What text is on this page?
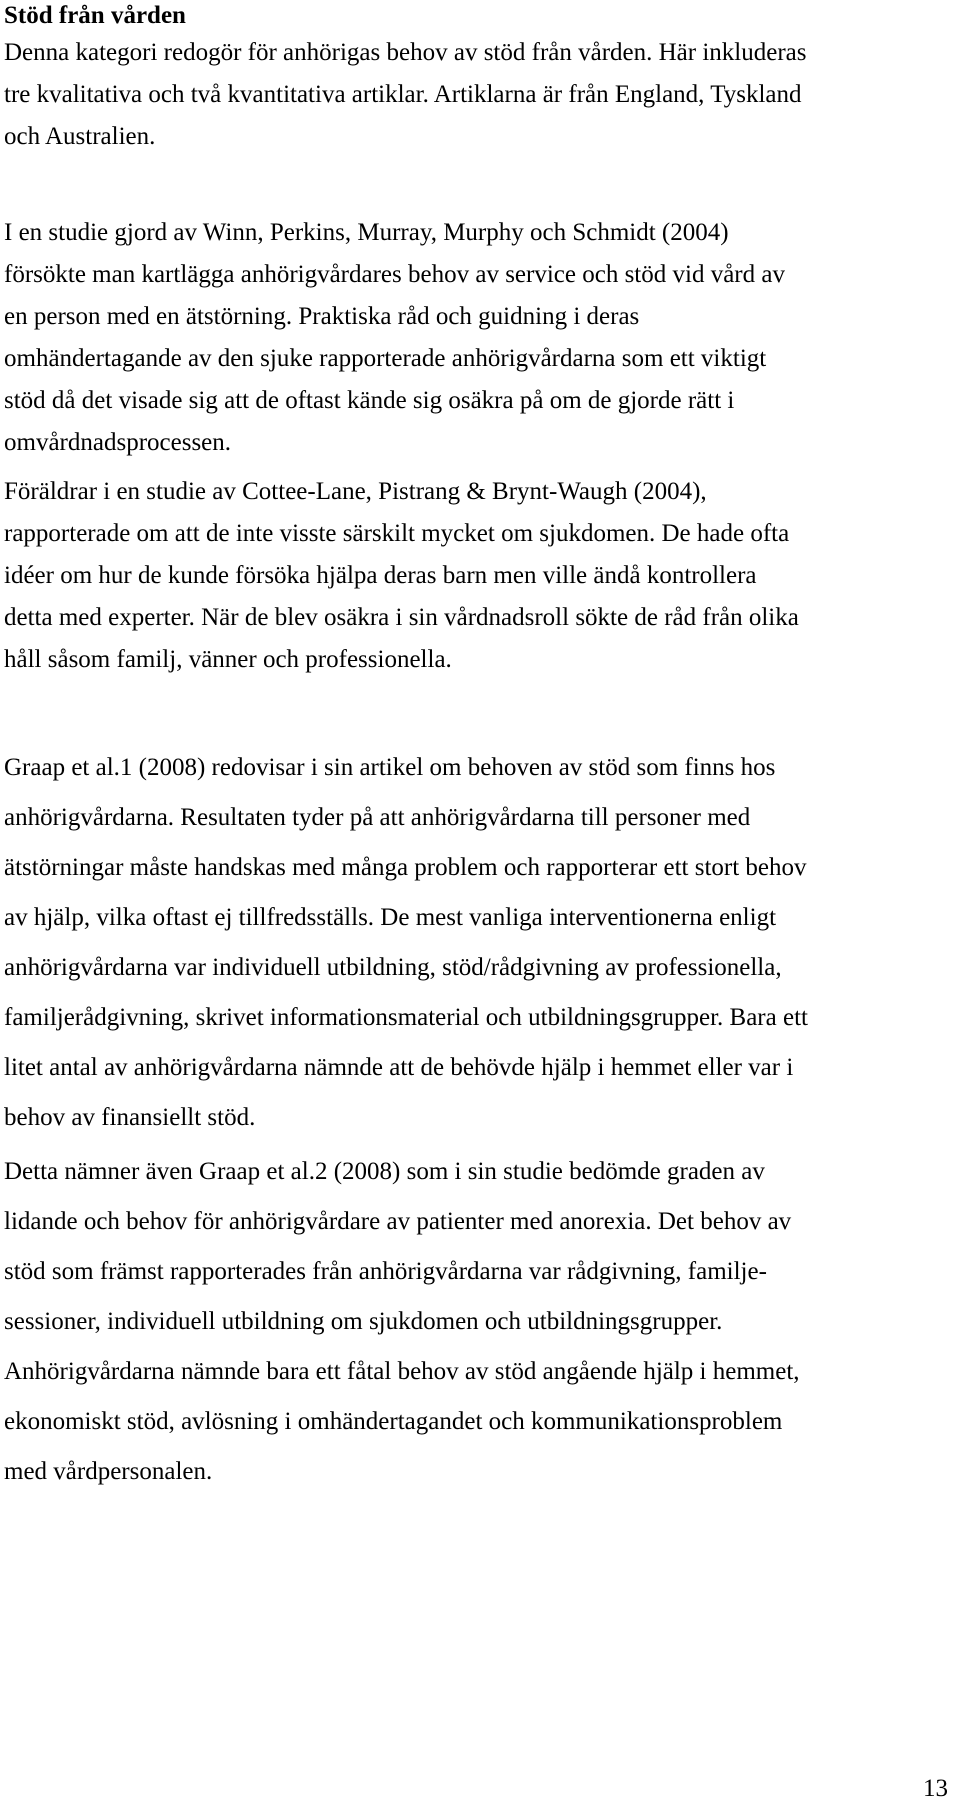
Stöd från vården

Denna kategori redogör för anhörigas behov av stöd från vården. Här inkluderas
tre kvalitativa och två kvantitativa artiklar. Artiklarna är från England, Tyskland
och Australien.

I en studie gjord av Winn, Perkins, Murray, Murphy och Schmidt (2004)
försökte man kartlägga anhörigvårdares behov av service och stöd vid vård av
en person med en ätstörning. Praktiska råd och guidning i deras
omhändertagande av den sjuke rapporterade anhörigvårdarna som ett viktigt
stöd då det visade sig att de oftast kände sig osäkra på om de gjorde rätt i
omvårdnadsprocessen.

Föräldrar i en studie av Cottee-Lane, Pistrang & Brynt-Waugh (2004),
rapporterade om att de inte visste särskilt mycket om sjukdomen. De hade ofta
idéer om hur de kunde försöka hjälpa deras barn men ville ändå kontrollera
detta med experter. När de blev osäkra i sin vårdnadsroll sökte de råd från olika
håll såsom familj, vänner och professionella.

Graap et al.1 (2008) redovisar i sin artikel om behoven av stöd som finns hos
anhörigvårdarna. Resultaten tyder på att anhörigvårdarna till personer med
ätstörningar måste handskas med många problem och rapporterar ett stort behov
av hjälp, vilka oftast ej tillfredsställs. De mest vanliga interventionerna enligt
anhörigvårdarna var individuell utbildning, stöd/rådgivning av professionella,
familjerådgivning, skrivet informationsmaterial och utbildningsgrupper. Bara ett
litet antal av anhörigvårdarna nämnde att de behövde hjälp i hemmet eller var i
behov av finansiellt stöd.

Detta nämner även Graap et al.2 (2008) som i sin studie bedömde graden av
lidande och behov för anhörigvårdare av patienter med anorexia. Det behov av
stöd som främst rapporterades från anhörigvårdarna var rådgivning, familje-
sessioner, individuell utbildning om sjukdomen och utbildningsgrupper.
Anhörigvårdarna nämnde bara ett fåtal behov av stöd angående hjälp i hemmet,
ekonomiskt stöd, avlösning i omhändertagandet och kommunikationsproblem
med vårdpersonalen.

13
